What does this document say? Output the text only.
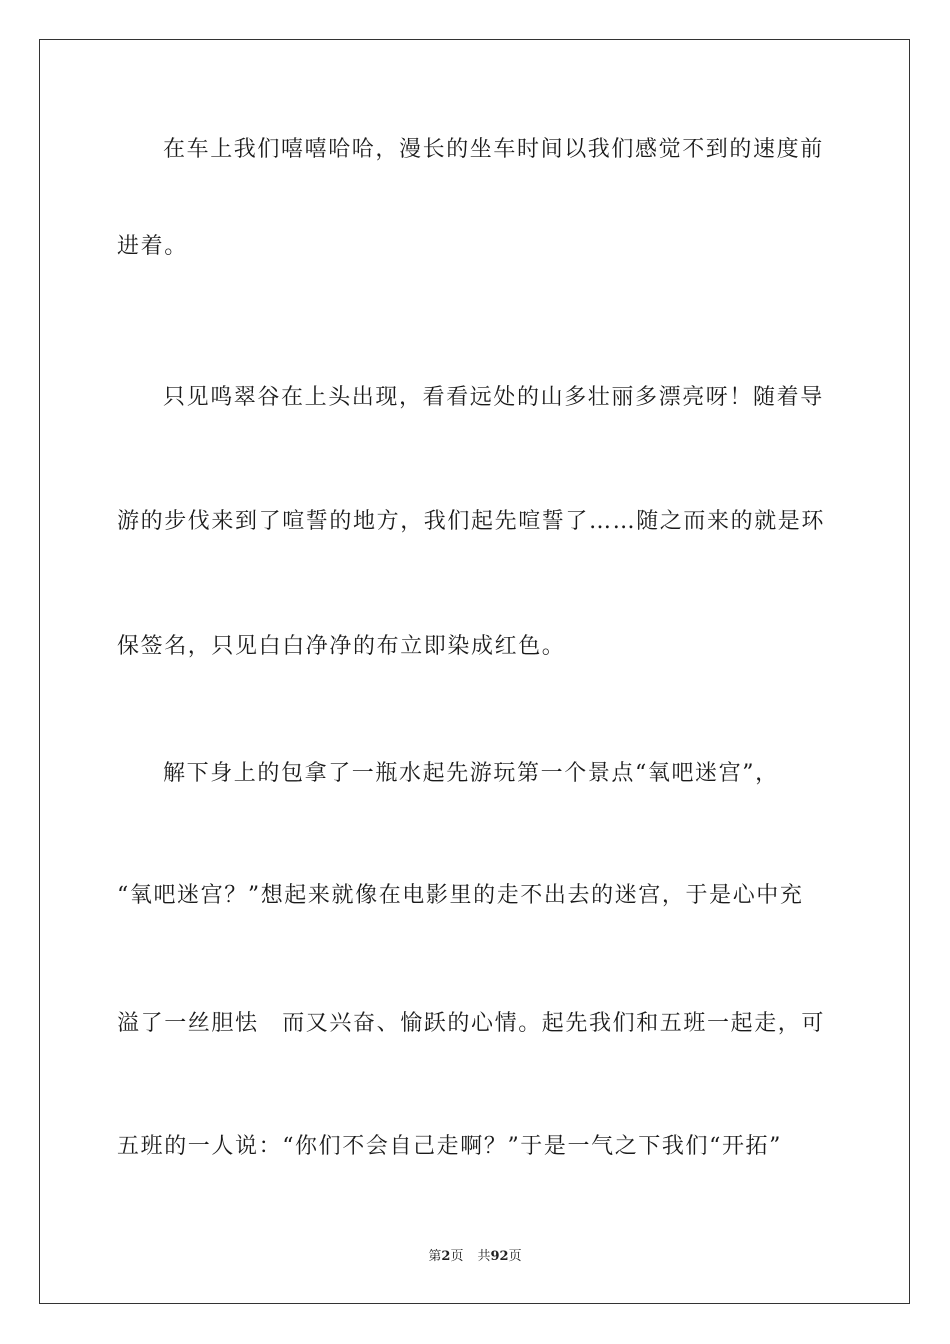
在车上我们嘻嘻哈哈，漫长的坐车时间以我们感觉不到的速度前
进着。
只见鸣翠谷在上头出现，看看远处的山多壮丽多漂亮呀！随着导
游的步伐来到了喧誓的地方，我们起先喧誓了……随之而来的就是环
保签名，只见白白净净的布立即染成红色。
解下身上的包拿了一瓶水起先游玩第一个景点“氧吧迷宫”，
“氧吧迷宫？”想起来就像在电影里的走不出去的迷宫，于是心中充
溢了一丝胆怯　而又兴奋、愉跃的心情。起先我们和五班一起走，可
五班的一人说：“你们不会自己走啊？”于是一气之下我们“开拓”
第2页 共92页
